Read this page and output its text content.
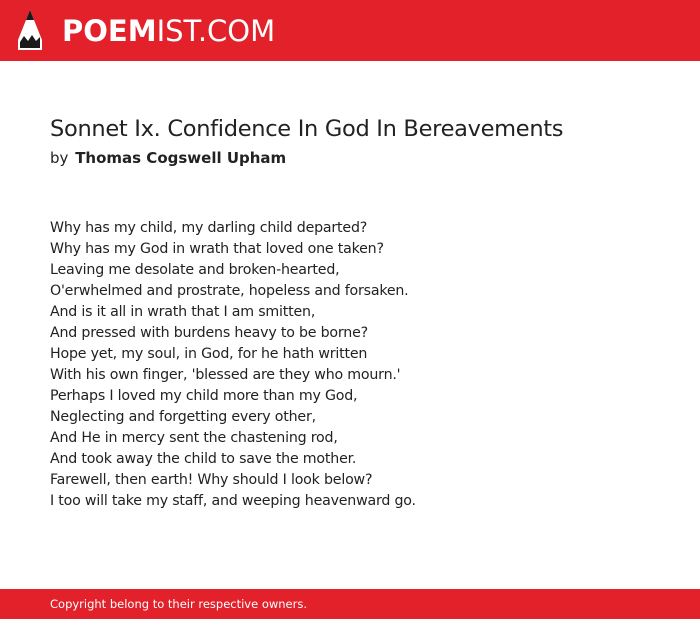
POEMIST.COM
Sonnet Ix. Confidence In God In Bereavements
by Thomas Cogswell Upham
Why has my child, my darling child departed?
Why has my God in wrath that loved one taken?
Leaving me desolate and broken-hearted,
O'erwhelmed and prostrate, hopeless and forsaken.
And is it all in wrath that I am smitten,
And pressed with burdens heavy to be borne?
Hope yet, my soul, in God, for he hath written
With his own finger, 'blessed are they who mourn.'
Perhaps I loved my child more than my God,
Neglecting and forgetting every other,
And He in mercy sent the chastening rod,
And took away the child to save the mother.
Farewell, then earth! Why should I look below?
I too will take my staff, and weeping heavenward go.
Copyright belong to their respective owners.
